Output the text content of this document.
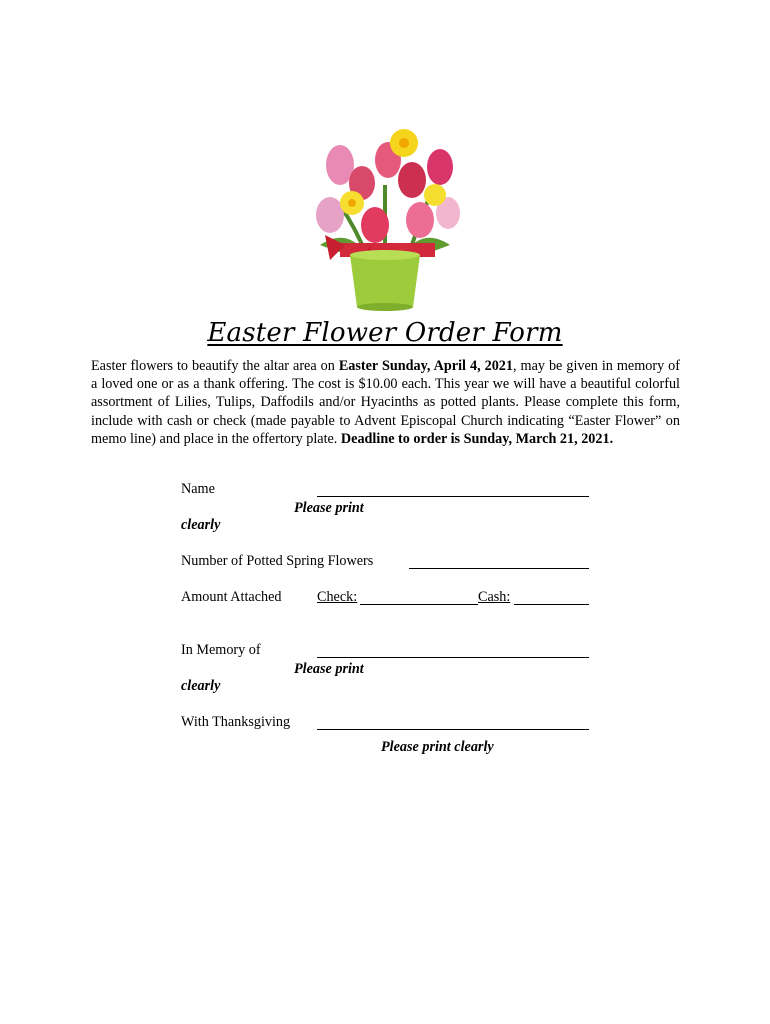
Easter Flower Order Form
Easter flowers to beautify the altar area on Easter Sunday, April 4, 2021, may be given in memory of a loved one or as a thank offering. The cost is $10.00 each. This year we will have a beautiful colorful assortment of Lilies, Tulips, Daffodils and/or Hyacinths as potted plants. Please complete this form, include with cash or check (made payable to Advent Episcopal Church indicating “Easter Flower” on memo line) and place in the offertory plate. Deadline to order is Sunday, March 21, 2021.
Name
Please print
clearly
Number of Potted Spring Flowers
Amount Attached	Check:	Cash:
In Memory of
Please print
clearly
With Thanksgiving
Please print clearly
